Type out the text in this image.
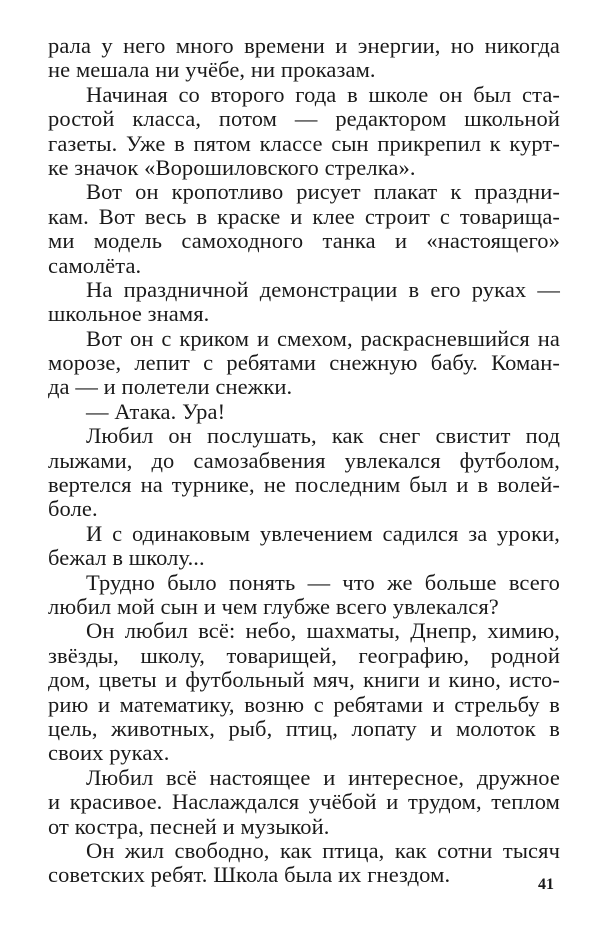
рала у него много времени и энергии, но никогда
не мешала ни учёбе, ни проказам.
Начиная со второго года в школе он был ста-
ростой класса, потом — редактором школьной
газеты. Уже в пятом классе сын прикрепил к курт-
ке значок «Ворошиловского стрелка».
Вот он кропотливо рисует плакат к праздни-
кам. Вот весь в краске и клее строит с товарища-
ми модель самоходного танка и «настоящего»
самолёта.
На праздничной демонстрации в его руках —
школьное знамя.
Вот он с криком и смехом, раскрасневшийся на
морозе, лепит с ребятами снежную бабу. Коман-
да — и полетели снежки.
— Атака. Ура!
Любил он послушать, как снег свистит под
лыжами, до самозабвения увлекался футболом,
вертелся на турнике, не последним был и в волей-
боле.
И с одинаковым увлечением садился за уроки,
бежал в школу...
Трудно было понять — что же больше всего
любил мой сын и чем глубже всего увлекался?
Он любил всё: небо, шахматы, Днепр, химию,
звёзды, школу, товарищей, географию, родной
дом, цветы и футбольный мяч, книги и кино, исто-
рию и математику, возню с ребятами и стрельбу в
цель, животных, рыб, птиц, лопату и молоток в
своих руках.
Любил всё настоящее и интересное, дружное
и красивое. Наслаждался учёбой и трудом, теплом
от костра, песней и музыкой.
Он жил свободно, как птица, как сотни тысяч
советских ребят. Школа была их гнездом.	41
